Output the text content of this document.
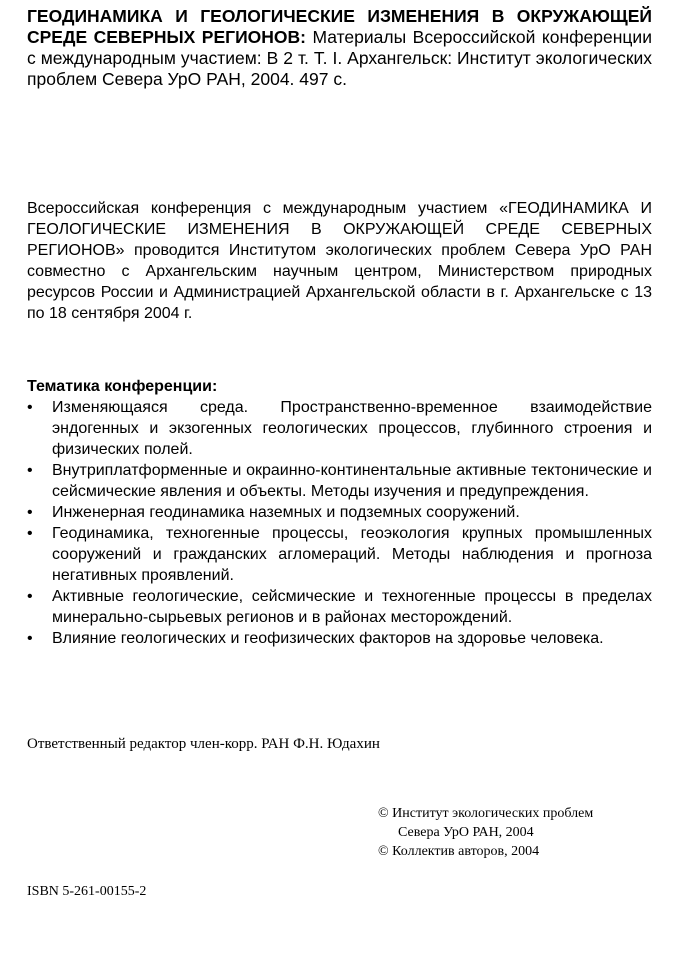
ГЕОДИНАМИКА И ГЕОЛОГИЧЕСКИЕ ИЗМЕНЕНИЯ В ОКРУЖАЮЩЕЙ СРЕДЕ СЕВЕРНЫХ РЕГИОНОВ: Материалы Всероссийской конференции с международным участием: В 2 т. Т. I. Архангельск: Институт экологических проблем Севера УрО РАН, 2004. 497 с.
Всероссийская конференция с международным участием «ГЕОДИНАМИКА И ГЕОЛОГИЧЕСКИЕ ИЗМЕНЕНИЯ В ОКРУЖАЮЩЕЙ СРЕДЕ СЕВЕРНЫХ РЕГИОНОВ» проводится Институтом экологических проблем Севера УрО РАН совместно с Архангельским научным центром, Министерством природных ресурсов России и Администрацией Архангельской области в г. Архангельске с 13 по 18 сентября 2004 г.
Тематика конференции:
•	Изменяющаяся среда. Пространственно-временное взаимодействие эндогенных и экзогенных геологических процессов, глубинного строения и физических полей.
•	Внутриплатформенные и окраинно-континентальные активные тектонические и сейсмические явления и объекты. Методы изучения и предупреждения.
•	Инженерная геодинамика наземных и подземных сооружений.
•	Геодинамика, техногенные процессы, геоэкология крупных промышленных сооружений и гражданских агломераций. Методы наблюдения и прогноза негативных проявлений.
•	Активные геологические, сейсмические и техногенные процессы в пределах минерально-сырьевых регионов и в районах месторождений.
•	Влияние геологических и геофизических факторов на здоровье человека.
Ответственный редактор член-корр. РАН Ф.Н. Юдахин
© Институт экологических проблем
Севера УрО РАН, 2004
© Коллектив авторов, 2004
ISBN 5-261-00155-2
